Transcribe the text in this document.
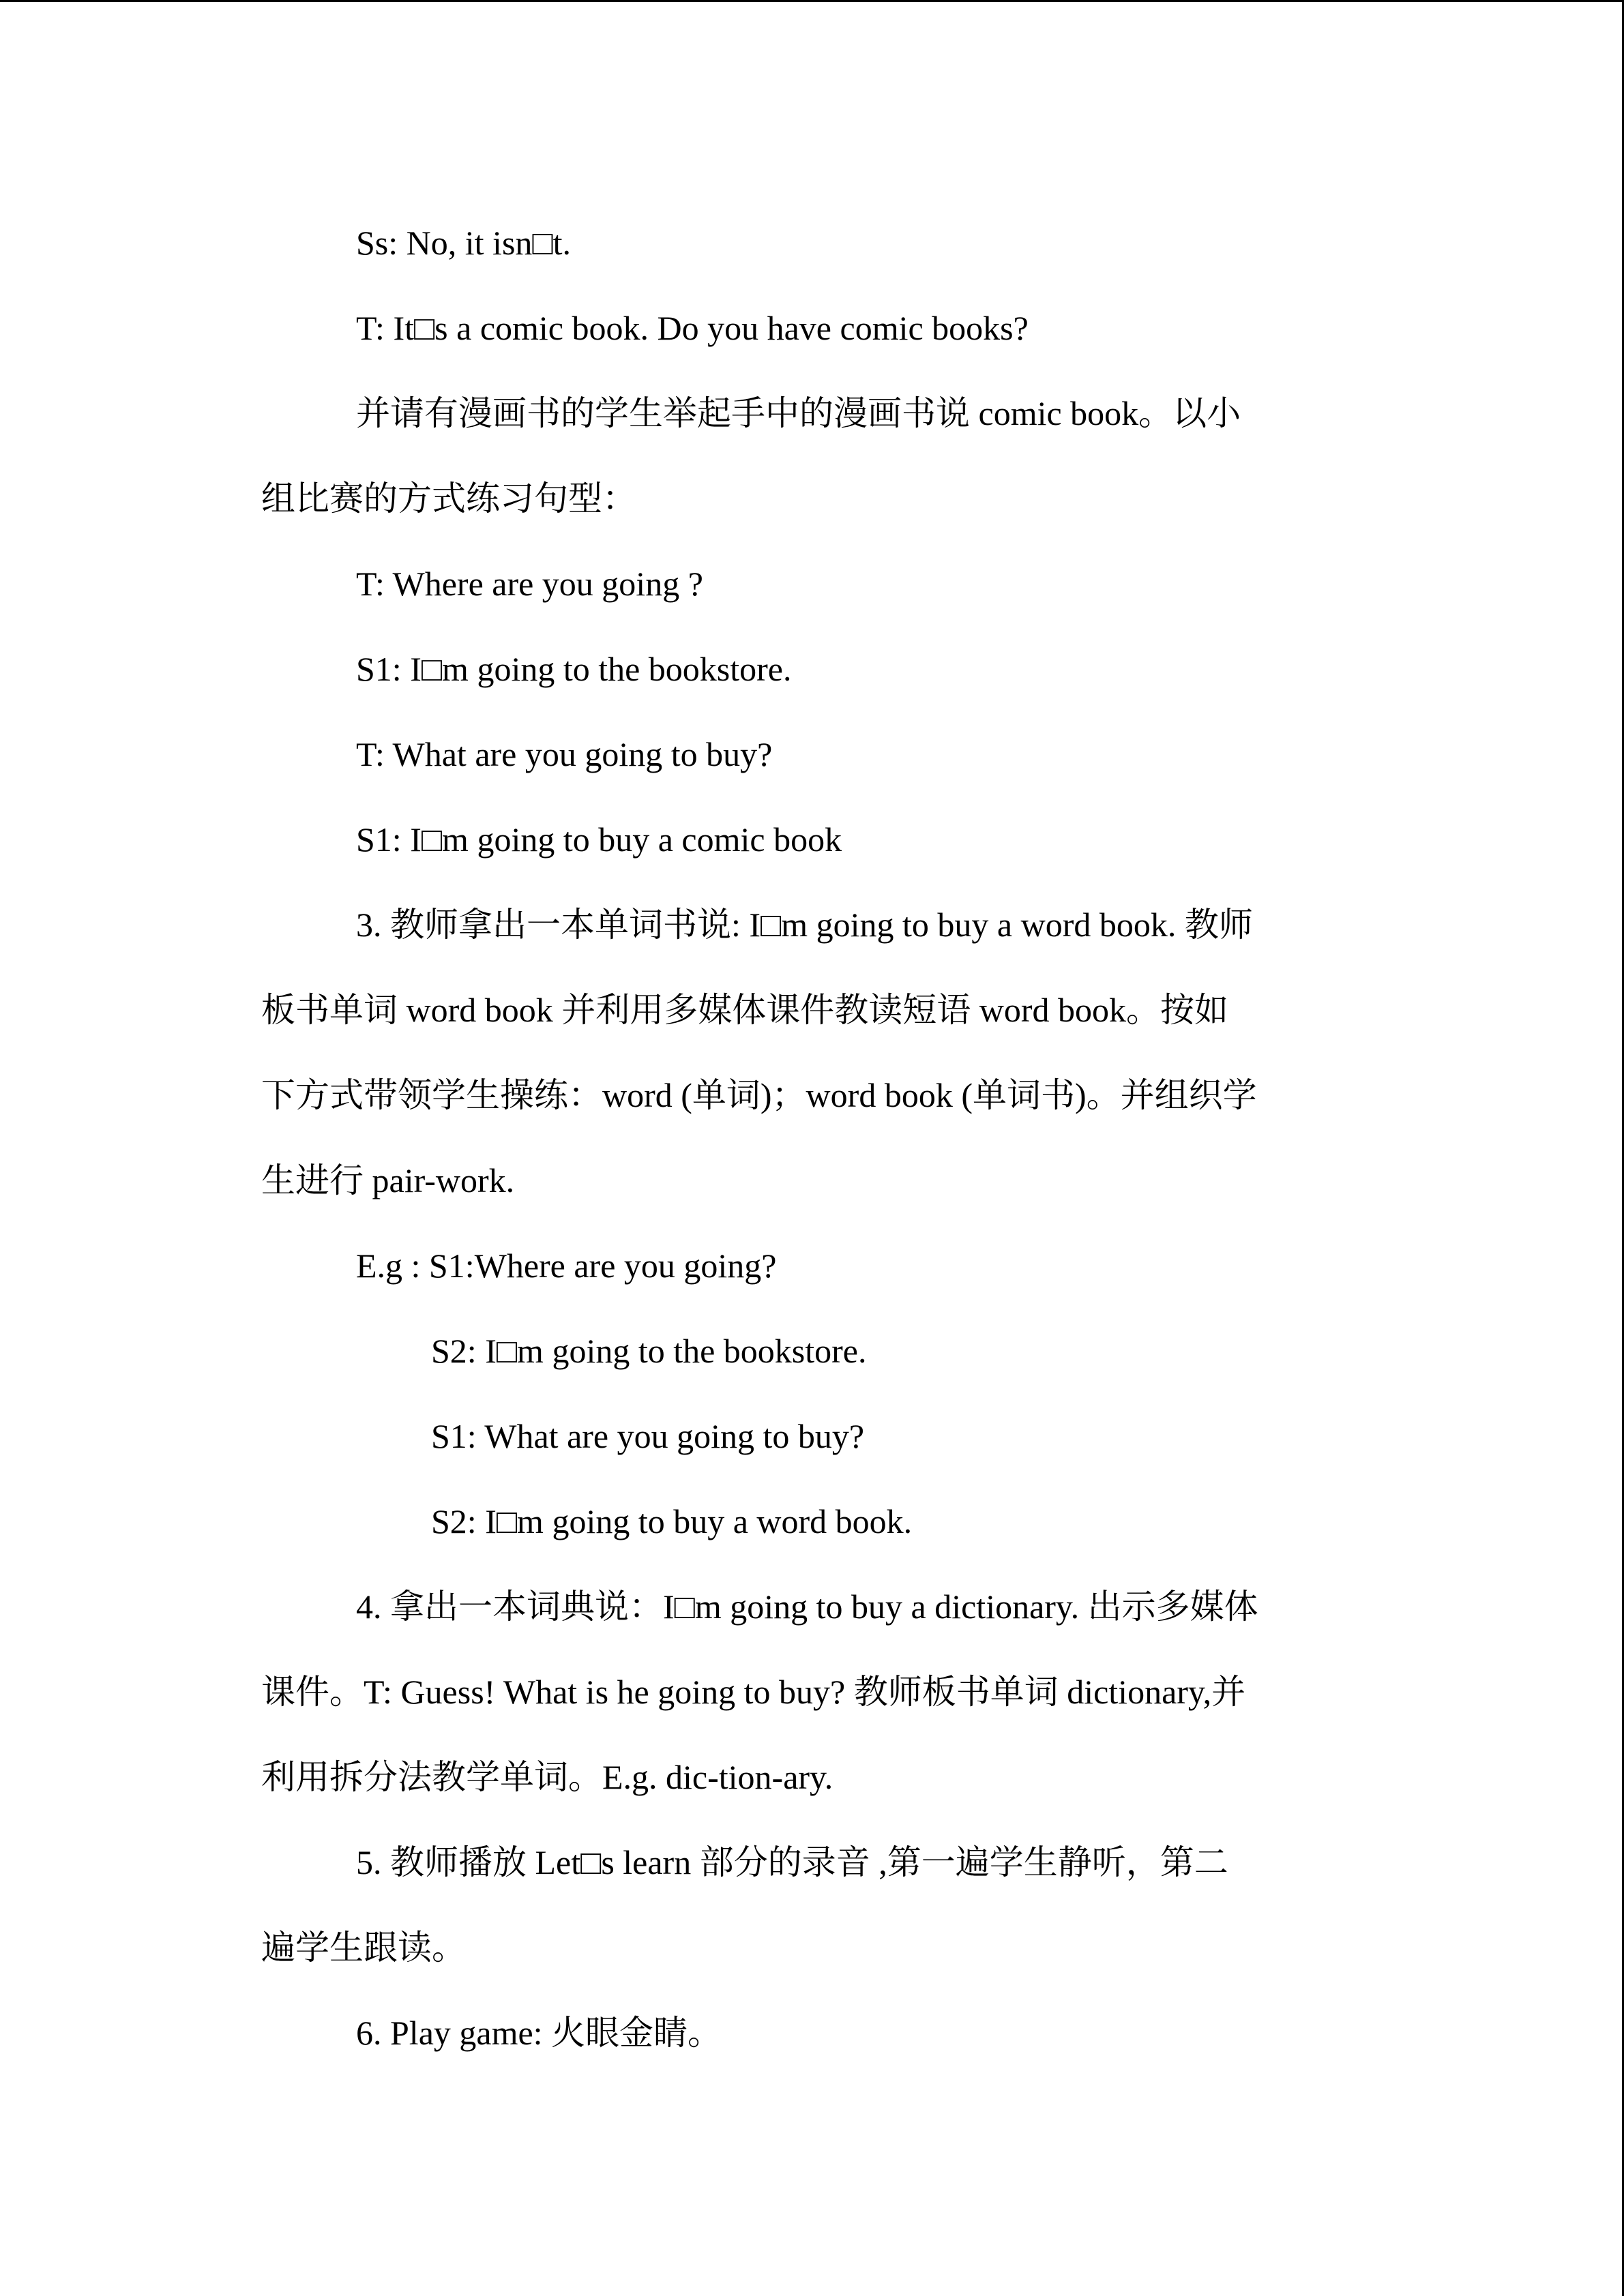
Ss: No, it isn□t.

T: It□s a comic book. Do you have comic books?

并请有漫画书的学生举起手中的漫画书说 comic book。以小

组比赛的方式练习句型：

T: Where are you going ?

S1: I□m going to the bookstore.

T: What are you going to buy?

S1: I□m going to buy a comic book

3. 教师拿出一本单词书说: I□m going to buy a word book. 教师

板书单词 word book 并利用多媒体课件教读短语 word book。按如

下方式带领学生操练：word (单词)；word book (单词书)。并组织学

生进行 pair-work.

E.g : S1:Where are you going?

S2: I□m going to the bookstore.

S1: What are you going to buy?

S2: I□m going to buy a word book.

4. 拿出一本词典说：I□m going to buy a dictionary. 出示多媒体

课件。T: Guess! What is he going to buy? 教师板书单词 dictionary,并

利用拆分法教学单词。E.g. dic-tion-ary.

5. 教师播放 Let□s learn 部分的录音 ,第一遍学生静听，第二

遍学生跟读。

6. Play game: 火眼金睛。
